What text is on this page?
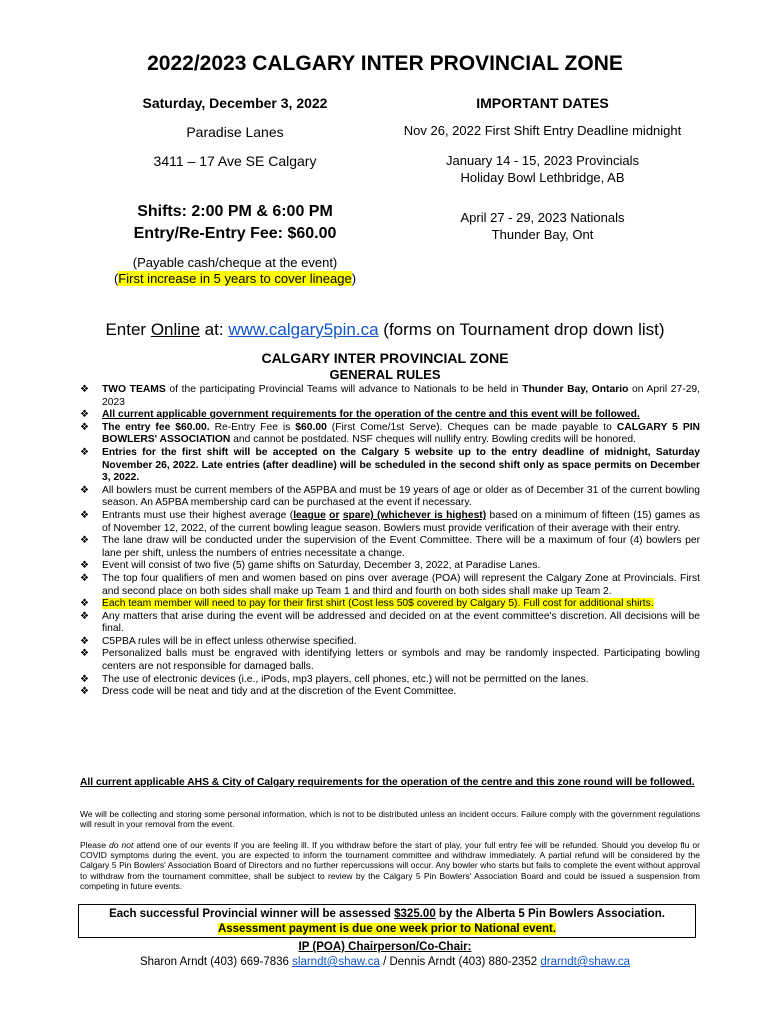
2022/2023 CALGARY INTER PROVINCIAL ZONE
Saturday, December 3, 2022
Paradise Lanes
3411 – 17 Ave SE Calgary
Shifts: 2:00 PM & 6:00 PM
Entry/Re-Entry Fee: $60.00
(Payable cash/cheque at the event)
(First increase in 5 years to cover lineage)
IMPORTANT DATES
Nov 26, 2022 First Shift Entry Deadline midnight
January 14 - 15, 2023 Provincials
Holiday Bowl Lethbridge, AB
April 27 - 29, 2023 Nationals
Thunder Bay, Ont
Enter Online at: www.calgary5pin.ca (forms on Tournament drop down list)
CALGARY INTER PROVINCIAL ZONE
GENERAL RULES
❖ TWO TEAMS of the participating Provincial Teams will advance to Nationals to be held in Thunder Bay, Ontario on April 27-29, 2023
❖ All current applicable government requirements for the operation of the centre and this event will be followed.
❖ The entry fee $60.00. Re-Entry Fee is $60.00 (First Come/1st Serve). Cheques can be made payable to CALGARY 5 PIN BOWLERS' ASSOCIATION and cannot be postdated. NSF cheques will nullify entry. Bowling credits will be honored.
❖ Entries for the first shift will be accepted on the Calgary 5 website up to the entry deadline of midnight, Saturday November 26, 2022. Late entries (after deadline) will be scheduled in the second shift only as space permits on December 3, 2022.
❖ All bowlers must be current members of the A5PBA and must be 19 years of age or older as of December 31 of the current bowling season. An A5PBA membership card can be purchased at the event if necessary.
❖ Entrants must use their highest average (league or spare) (whichever is highest) based on a minimum of fifteen (15) games as of November 12, 2022, of the current bowling league season. Bowlers must provide verification of their average with their entry.
❖ The lane draw will be conducted under the supervision of the Event Committee. There will be a maximum of four (4) bowlers per lane per shift, unless the numbers of entries necessitate a change.
❖ Event will consist of two five (5) game shifts on Saturday, December 3, 2022, at Paradise Lanes.
❖ The top four qualifiers of men and women based on pins over average (POA) will represent the Calgary Zone at Provincials. First and second place on both sides shall make up Team 1 and third and fourth on both sides shall make up Team 2.
❖ Each team member will need to pay for their first shirt (Cost less 50$ covered by Calgary 5). Full cost for additional shirts.
❖ Any matters that arise during the event will be addressed and decided on at the event committee's discretion. All decisions will be final.
❖ C5PBA rules will be in effect unless otherwise specified.
❖ Personalized balls must be engraved with identifying letters or symbols and may be randomly inspected. Participating bowling centers are not responsible for damaged balls.
❖ The use of electronic devices (i.e., iPods, mp3 players, cell phones, etc.) will not be permitted on the lanes.
❖ Dress code will be neat and tidy and at the discretion of the Event Committee.
All current applicable AHS & City of Calgary requirements for the operation of the centre and this zone round will be followed.
We will be collecting and storing some personal information, which is not to be distributed unless an incident occurs. Failure comply with the government regulations will result in your removal from the event.
Please do not attend one of our events if you are feeling ill. If you withdraw before the start of play, your full entry fee will be refunded. Should you develop flu or COVID symptoms during the event, you are expected to inform the tournament committee and withdraw immediately. A partial refund will be considered by the Calgary 5 Pin Bowlers' Association Board of Directors and no further repercussions will occur. Any bowler who starts but fails to complete the event without approval to withdraw from the tournament committee, shall be subject to review by the Calgary 5 Pin Bowlers' Association Board and could be issued a suspension from competing in future events.
Each successful Provincial winner will be assessed $325.00 by the Alberta 5 Pin Bowlers Association.
Assessment payment is due one week prior to National event.
IP (POA) Chairperson/Co-Chair:
Sharon Arndt (403) 669-7836 slarndt@shaw.ca / Dennis Arndt (403) 880-2352 drarndt@shaw.ca
